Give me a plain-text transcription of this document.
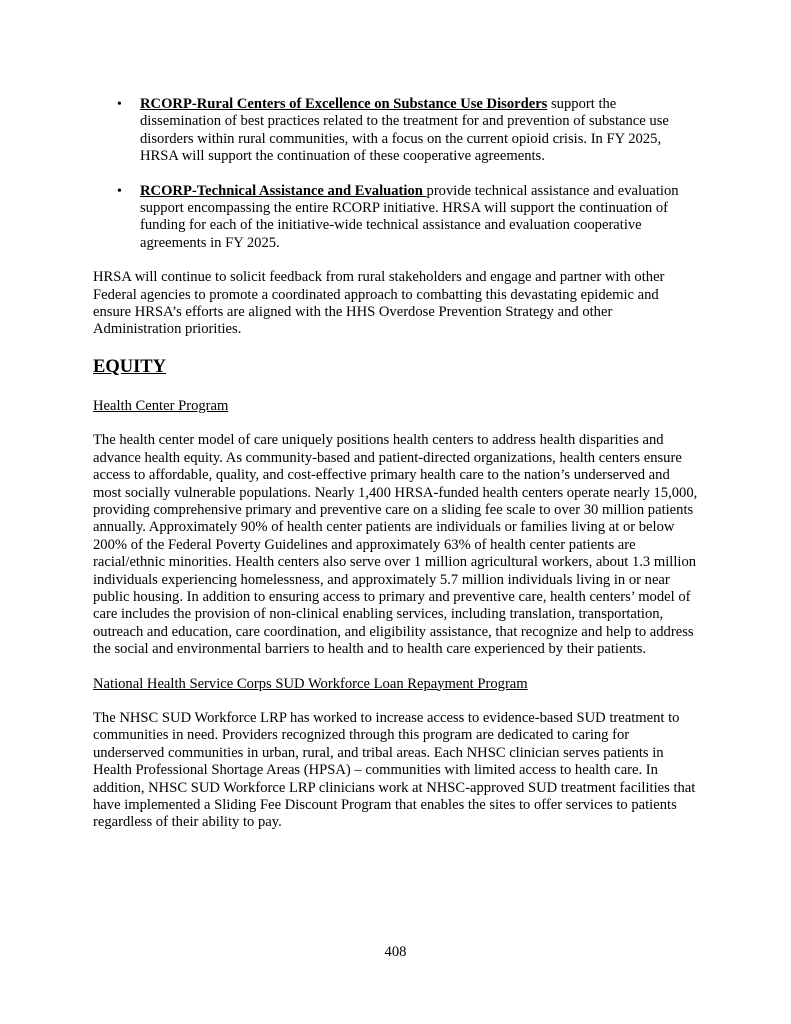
• RCORP-Rural Centers of Excellence on Substance Use Disorders support the dissemination of best practices related to the treatment for and prevention of substance use disorders within rural communities, with a focus on the current opioid crisis. In FY 2025, HRSA will support the continuation of these cooperative agreements.
• RCORP-Technical Assistance and Evaluation provide technical assistance and evaluation support encompassing the entire RCORP initiative. HRSA will support the continuation of funding for each of the initiative-wide technical assistance and evaluation cooperative agreements in FY 2025.

HRSA will continue to solicit feedback from rural stakeholders and engage and partner with other Federal agencies to promote a coordinated approach to combatting this devastating epidemic and ensure HRSA’s efforts are aligned with the HHS Overdose Prevention Strategy and other Administration priorities.

EQUITY
Health Center Program

The health center model of care uniquely positions health centers to address health disparities and advance health equity. As community-based and patient-directed organizations, health centers ensure access to affordable, quality, and cost-effective primary health care to the nation’s underserved and most socially vulnerable populations. Nearly 1,400 HRSA-funded health centers operate nearly 15,000, providing comprehensive primary and preventive care on a sliding fee scale to over 30 million patients annually. Approximately 90% of health center patients are individuals or families living at or below 200% of the Federal Poverty Guidelines and approximately 63% of health center patients are racial/ethnic minorities. Health centers also serve over 1 million agricultural workers, about 1.3 million individuals experiencing homelessness, and approximately 5.7 million individuals living in or near public housing. In addition to ensuring access to primary and preventive care, health centers’ model of care includes the provision of non-clinical enabling services, including translation, transportation, outreach and education, care coordination, and eligibility assistance, that recognize and help to address the social and environmental barriers to health and to health care experienced by their patients.

National Health Service Corps SUD Workforce Loan Repayment Program

The NHSC SUD Workforce LRP has worked to increase access to evidence-based SUD treatment to communities in need. Providers recognized through this program are dedicated to caring for underserved communities in urban, rural, and tribal areas. Each NHSC clinician serves patients in Health Professional Shortage Areas (HPSA) – communities with limited access to health care. In addition, NHSC SUD Workforce LRP clinicians work at NHSC-approved SUD treatment facilities that have implemented a Sliding Fee Discount Program that enables the sites to offer services to patients regardless of their ability to pay.

408
